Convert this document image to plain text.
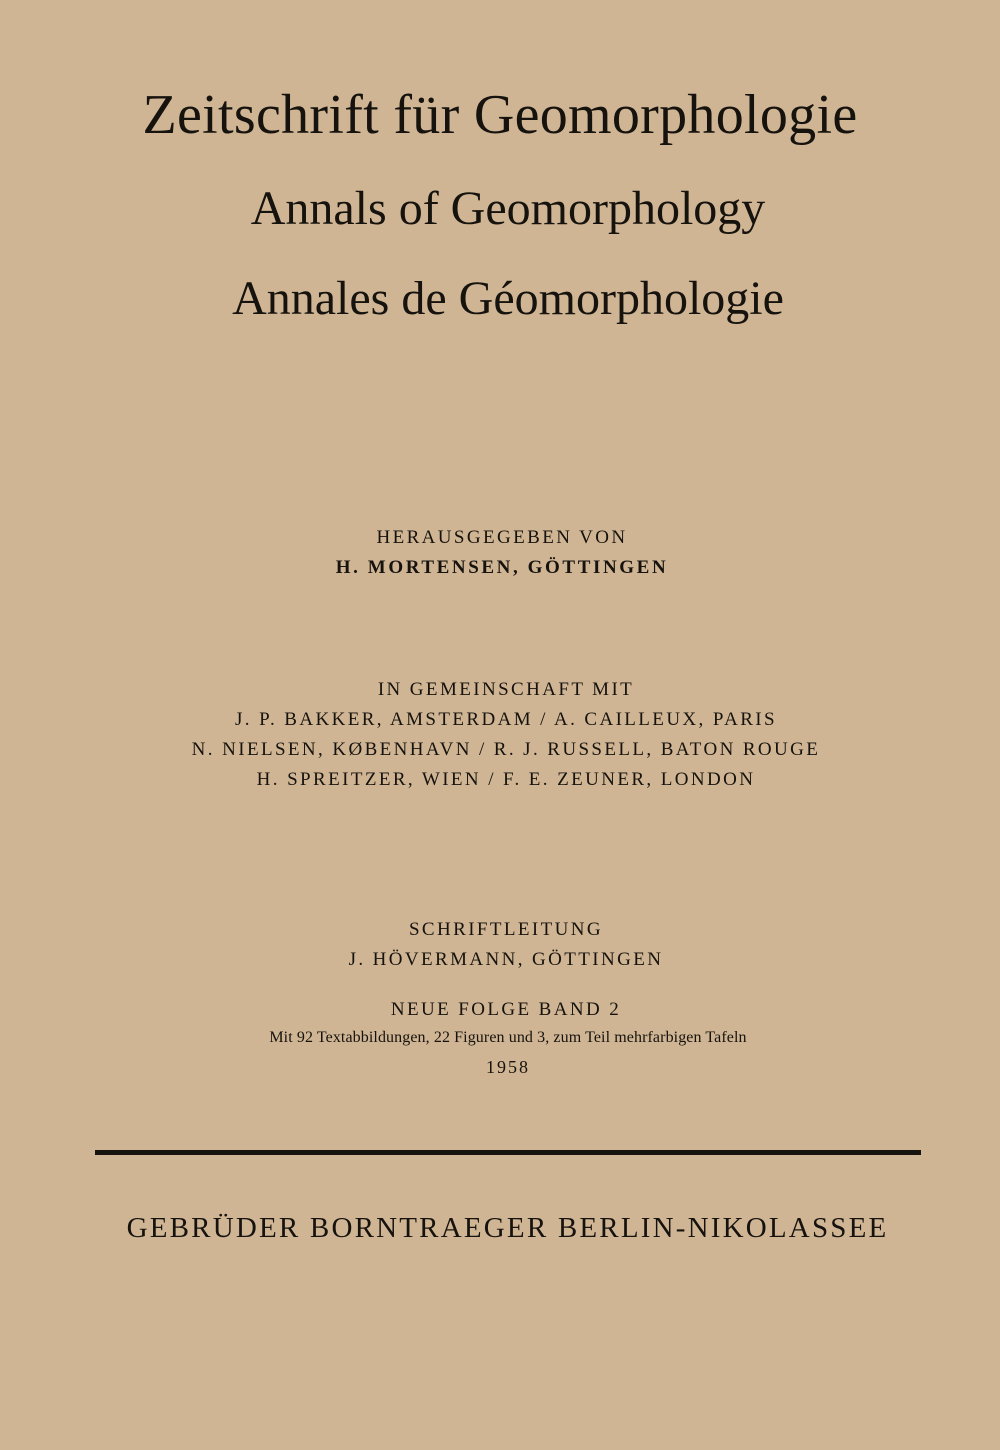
Zeitschrift für Geomorphologie
Annals of Geomorphology
Annales de Géomorphologie
HERAUSGEGEBEN VON
H. MORTENSEN, GÖTTINGEN
IN GEMEINSCHAFT MIT
J. P. BAKKER, AMSTERDAM / A. CAILLEUX, PARIS
N. NIELSEN, KØBENHAVN / R. J. RUSSELL, BATON ROUGE
H. SPREITZER, WIEN / F. E. ZEUNER, LONDON
SCHRIFTLEITUNG
J. HÖVERMANN, GÖTTINGEN
NEUE FOLGE BAND 2
Mit 92 Textabbildungen, 22 Figuren und 3, zum Teil mehrfarbigen Tafeln
1958
GEBRÜDER BORNTRAEGER BERLIN-NIKOLASSEE
